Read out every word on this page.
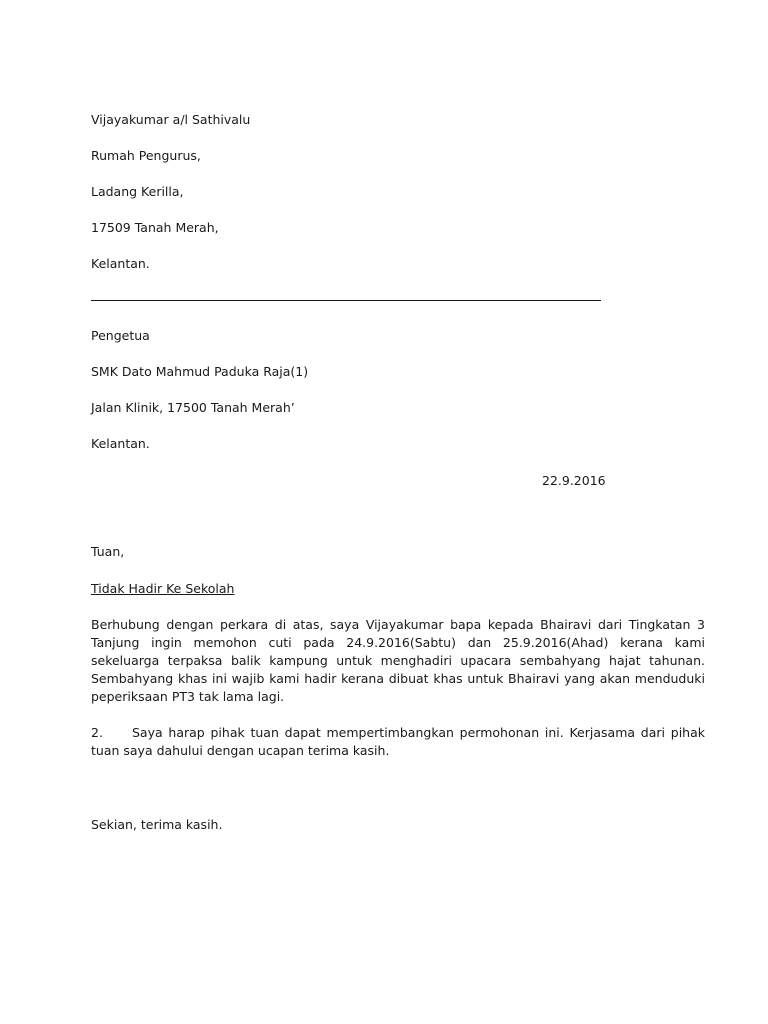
Vijayakumar a/l Sathivalu
Rumah Pengurus,
Ladang Kerilla,
17509 Tanah Merah,
Kelantan.
Pengetua
SMK Dato Mahmud Paduka Raja(1)
Jalan Klinik, 17500 Tanah Merah’
Kelantan.
22.9.2016
Tuan,
Tidak Hadir Ke Sekolah
Berhubung dengan perkara di atas, saya Vijayakumar bapa kepada Bhairavi dari Tingkatan 3 Tanjung ingin memohon cuti pada 24.9.2016(Sabtu) dan 25.9.2016(Ahad) kerana kami sekeluarga terpaksa balik kampung untuk menghadiri upacara sembahyang hajat tahunan. Sembahyang khas ini wajib kami hadir kerana dibuat khas untuk Bhairavi yang akan menduduki peperiksaan PT3 tak lama lagi.
2. Saya harap pihak tuan dapat mempertimbangkan permohonan ini. Kerjasama dari pihak tuan saya dahului dengan ucapan terima kasih.
Sekian, terima kasih.
